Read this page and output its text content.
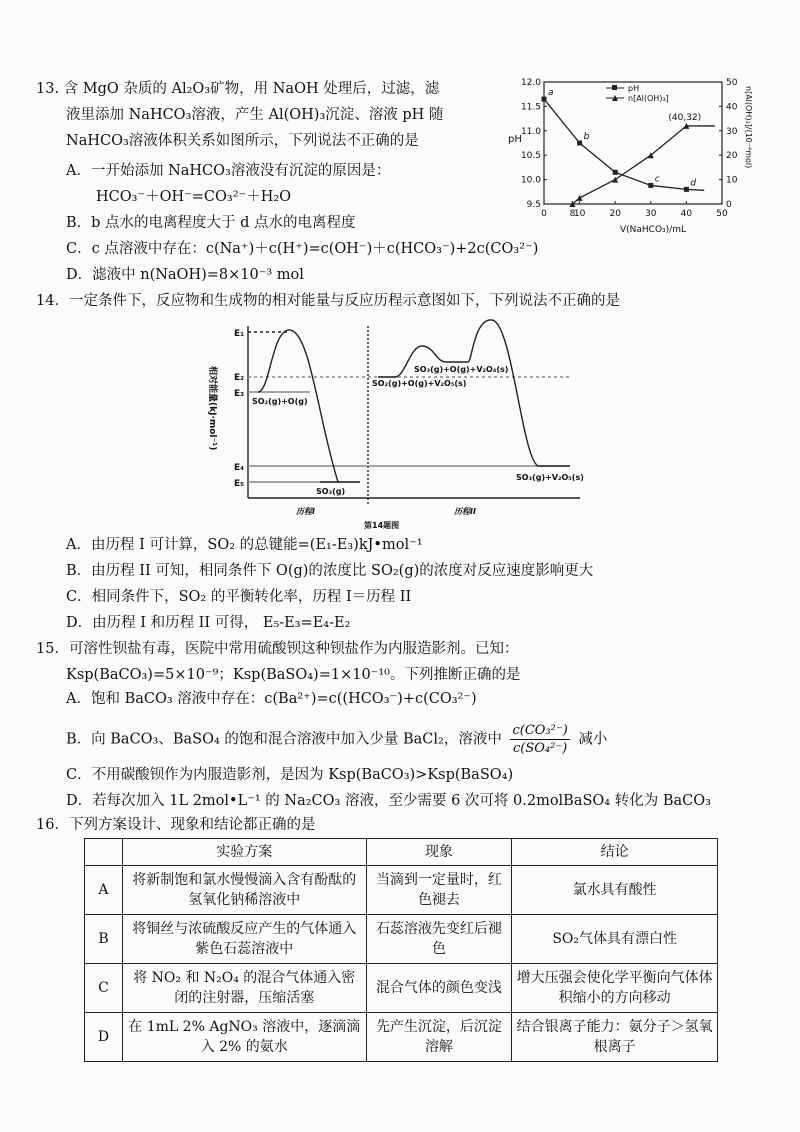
13. 含 MgO 杂质的 Al₂O₃矿物，用 NaOH 处理后，过滤，滤
液里添加 NaHCO₃溶液，产生 Al(OH)₃沉淀、溶液 pH 随
NaHCO₃溶液体积关系如图所示，下列说法不正确的是
A．一开始添加 NaHCO₃溶液没有沉淀的原因是：
HCO₃⁻＋OH⁻=CO₃²⁻＋H₂O
B．b 点水的电离程度大于 d 点水的电离程度
C．c 点溶液中存在：c(Na⁺)＋c(H⁺)=c(OH⁻)＋c(HCO₃⁻)+2c(CO₃²⁻)
D．滤液中 n(NaOH)=8×10⁻³ mol
0	8
10	20	30	40	50
9.5
10.0
10.5
11.0
11.5
12.0
0
10
20
30
40
50
pH
V(NaHCO₃)/mL
n[Al(OH)₃]/(10⁻⁴mol)
pH
n[Al(OH)₃]
a
b
c	d
(40,32)
14．一定条件下，反应物和生成物的相对能量与反应历程示意图如下，下列说法不正确的是
E₁
E₂
E₃
E₄
E₅
SO₂(g)+O(g)
SO₃(g)
SO₂(g)+O(g)+V₂O₅(s)
SO₃(g)+O(g)+V₂O₄(s)
SO₃(g)+V₂O₅(s)
历程I	历程II
第14题图
相对能量(kJ·mol⁻¹)
A．由历程 I 可计算，SO₂ 的总键能=(E₁-E₃)kJ•mol⁻¹
B．由历程 II 可知，相同条件下 O(g)的浓度比 SO₂(g)的浓度对反应速度影响更大
C．相同条件下，SO₂ 的平衡转化率，历程 I＝历程 II
D．由历程 I 和历程 II 可得， E₅-E₃=E₄-E₂
15．可溶性钡盐有毒，医院中常用硫酸钡这种钡盐作为内服造影剂。已知：
Ksp(BaCO₃)=5×10⁻⁹；Ksp(BaSO₄)=1×10⁻¹⁰。下列推断正确的是
A．饱和 BaCO₃ 溶液中存在：c(Ba²⁺)=c((HCO₃⁻)+c(CO₃²⁻)
B．向 BaCO₃、BaSO₄ 的饱和混合溶液中加入少量 BaCl₂，溶液中 $\frac{\text{c(CO₃²⁻)}}{\text{c(SO₄²⁻)}}$ 减小
C．不用碳酸钡作为内服造影剂，是因为 Ksp(BaCO₃)>Ksp(BaSO₄)
D．若每次加入 1L 2mol•L⁻¹ 的 Na₂CO₃ 溶液，至少需要 6 次可将 0.2molBaSO₄ 转化为 BaCO₃
16．下列方案设计、现象和结论都正确的是
	实验方案	现象	结论
A	将新制饱和氯水慢慢滴入含有酚酞的氢氧化钠稀溶液中	当滴到一定量时，红色褪去	氯水具有酸性
B	将铜丝与浓硫酸反应产生的气体通入紫色石蕊溶液中	石蕊溶液先变红后褪色	SO₂气体具有漂白性
C	将 NO₂ 和 N₂O₄ 的混合气体通入密闭的注射器，压缩活塞	混合气体的颜色变浅	增大压强会使化学平衡向气体体积缩小的方向移动
D	在 1mL 2% AgNO₃ 溶液中，逐滴滴入 2% 的氨水	先产生沉淀，后沉淀溶解	结合银离子能力：氨分子＞氢氧根离子
